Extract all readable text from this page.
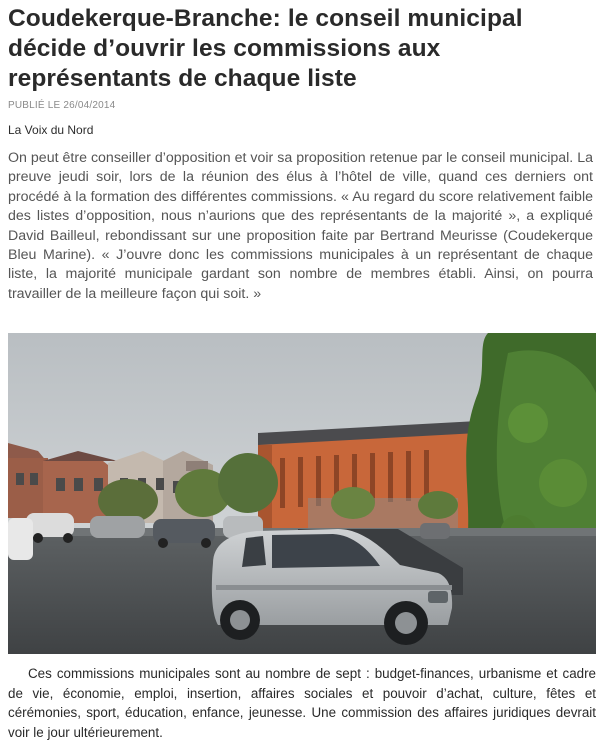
Coudekerque-Branche: le conseil municipal décide d’ouvrir les commissions aux représentants de chaque liste
PUBLIÉ LE 26/04/2014
La Voix du Nord

On peut être conseiller d’opposition et voir sa proposition retenue par le conseil municipal. La preuve jeudi soir, lors de la réunion des élus à l’hôtel de ville, quand ces derniers ont procédé à la formation des différentes commissions. « Au regard du score relativement faible des listes d’opposition, nous n’aurions que des représentants de la majorité », a expliqué David Bailleul, rebondissant sur une proposition faite par Bertrand Meurisse (Coudekerque Bleu Marine). « J’ouvre donc les commissions municipales à un représentant de chaque liste, la majorité municipale gardant son nombre de membres établi. Ainsi, on pourra travailler de la meilleure façon qui soit. »

Ces commissions municipales sont au nombre de sept : budget-finances, urbanisme et cadre de vie, économie, emploi, insertion, affaires sociales et pouvoir d’achat, culture, fêtes et cérémonies, sport, éducation, enfance, jeunesse. Une commission des affaires juridiques devrait voir le jour ultérieurement.
